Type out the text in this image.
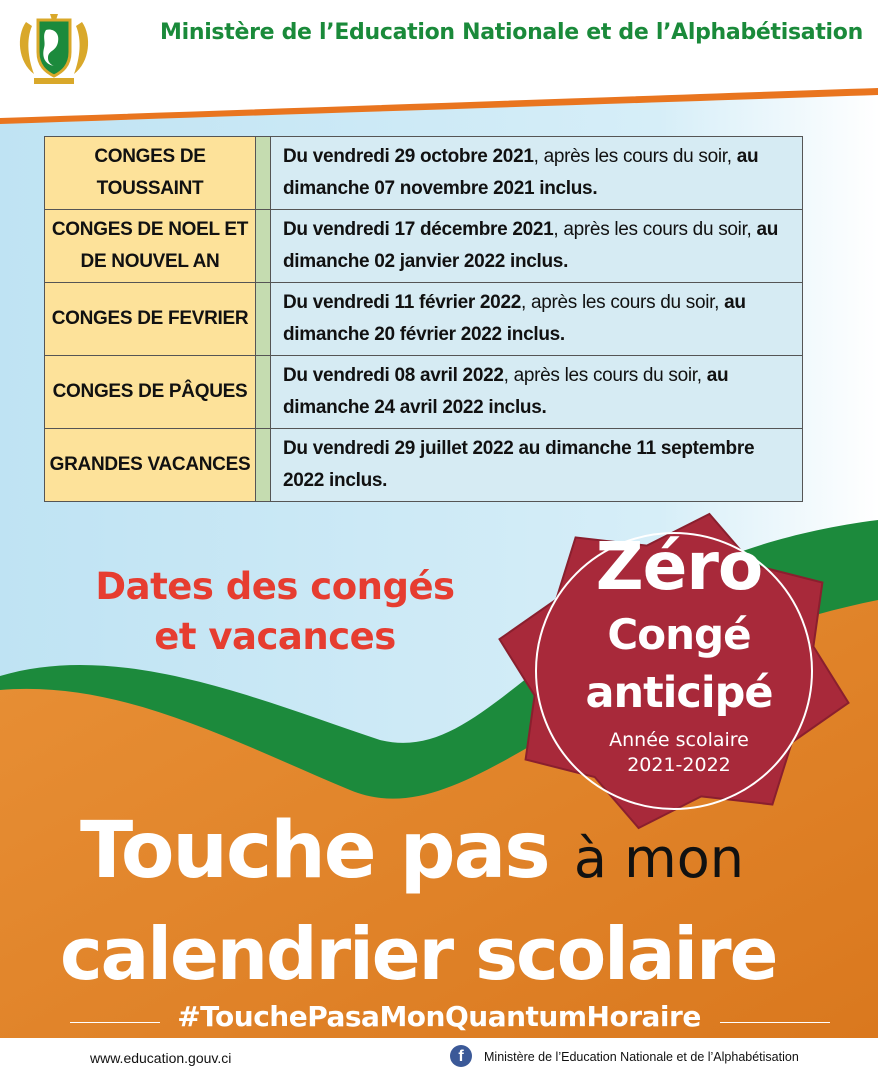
Ministère de l’Education Nationale et de l’Alphabétisation
CONGES DE
TOUSSAINT		Du vendredi 29 octobre 2021, après les cours du soir, au dimanche 07 novembre 2021 inclus.

CONGES DE NOEL ET
DE NOUVEL AN		Du vendredi 17 décembre 2021, après les cours du soir, au dimanche 02 janvier 2022 inclus.

CONGES DE FEVRIER		Du vendredi 11 février 2022, après les cours du soir, au dimanche 20 février 2022 inclus.

CONGES DE PÂQUES		Du vendredi 08 avril 2022, après les cours du soir, au dimanche 24 avril 2022 inclus.

GRANDES VACANCES		Du vendredi 29 juillet 2022 au dimanche 11 septembre 2022 inclus.
Dates des congés
et vacances
Zéro
Congé
anticipé
Année scolaire
2021-2022
Touche pas à mon
calendrier scolaire
#TouchePasaMonQuantumHoraire
www.education.gouv.ci	f	Ministère de l’Education Nationale et de l’Alphabétisation
